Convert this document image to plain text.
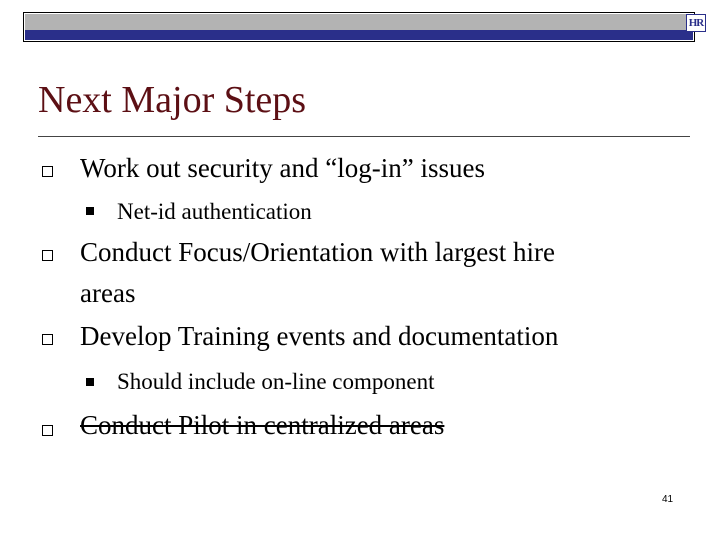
HR
Next Major Steps
Work out security and “log-in” issues
Net-id authentication
Conduct Focus/Orientation with largest hire
areas
Develop Training events and documentation
Should include on-line component
Conduct Pilot in centralized areas
41
